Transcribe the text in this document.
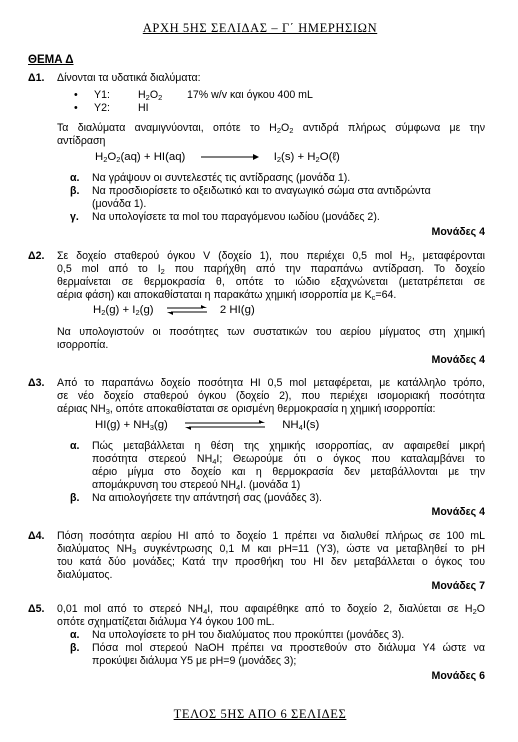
ΑΡΧΗ 5ΗΣ ΣΕΛΙΔΑΣ – Γ΄ ΗΜΕΡΗΣΙΩΝ
ΘΕΜΑ Δ
Δ1. Δίνονται τα υδατικά διαλύματα:
• Υ1:	$H_2O_2$ 17% w/v και όγκου 400 mL
• Υ2:	HI
Τα διαλύματα αναμιγνύονται, οπότε το $H_2O_2$ αντιδρά πλήρως σύμφωνα με την
αντίδραση
$H_2O_2(aq) + HI(aq)$	$I_2(s)$ + $H_2O(\ell)$
α. Να γράψουν οι συντελεστές τις αντίδρασης (μονάδα 1).
β. Να προσδιορίσετε το οξειδωτικό και το αναγωγικό σώμα στα αντιδρώντα
(μονάδα 1).
γ. Να υπολογίσετε τα mol του παραγόμενου ιωδίου (μονάδες 2).
Μονάδες 4
Δ2. Σε δοχείο σταθερού όγκου V (δοχείο 1), που περιέχει 0,5 mol $H_2$, μεταφέρονται
0,5 mol από το $I_2$ που παρήχθη από την παραπάνω αντίδραση. Το δοχείο
θερμαίνεται σε θερμοκρασία θ, οπότε το ιώδιο εξαχνώνεται (μετατρέπεται σε
αέρια φάση) και αποκαθίσταται η παρακάτω χημική ισορροπία με $K_c=64$.
$H_2(g) + I_2(g)$ ⇌ 2 HI(g)
Να υπολογιστούν οι ποσότητες των συστατικών του αερίου μίγματος στη χημική
ισορροπία.
Μονάδες 4
Δ3. Από το παραπάνω δοχείο ποσότητα HI 0,5 mol μεταφέρεται, με κατάλληλο τρόπο,
σε νέο δοχείο σταθερού όγκου (δοχείο 2), που περιέχει ισομοριακή ποσότητα
αέριας $NH_3$, οπότε αποκαθίσταται σε ορισμένη θερμοκρασία η χημική ισορροπία:
$HI(g) + NH_3(g)$	$NH_4I(s)$
α. Πώς μεταβάλλεται η θέση της χημικής ισορροπίας, αν αφαιρεθεί μικρή
ποσότητα στερεού $NH_4I$; Θεωρούμε ότι ο όγκος που καταλαμβάνει το
αέριο μίγμα στο δοχείο και η θερμοκρασία δεν μεταβάλλονται με την
απομάκρυνση του στερεού $NH_4I$. (μονάδα 1)
β. Να αιτιολογήσετε την απάντησή σας (μονάδες 3).
Μονάδες 4
Δ4. Πόση ποσότητα αερίου HI από το δοχείο 1 πρέπει να διαλυθεί πλήρως σε 100 mL
διαλύματος $NH_3$ συγκέντρωσης 0,1 M και pH=11 (Υ3), ώστε να μεταβληθεί το pH
του κατά δύο μονάδες; Κατά την προσθήκη του HI δεν μεταβάλλεται ο όγκος του
διαλύματος.
Μονάδες 7
Δ5. 0,01 mol από το στερεό $NH_4I$, που αφαιρέθηκε από το δοχείο 2, διαλύεται σε $H_2O$
οπότε σχηματίζεται διάλυμα Υ4 όγκου 100 mL.
α. Να υπολογίσετε το pH του διαλύματος που προκύπτει (μονάδες 3).
β. Πόσα mol στερεού NaOH πρέπει να προστεθούν στο διάλυμα Υ4 ώστε να
προκύψει διάλυμα Υ5 με pH=9 (μονάδες 3);
Μονάδες 6
ΤΕΛΟΣ 5ΗΣ ΑΠΟ 6 ΣΕΛΙΔΕΣ
